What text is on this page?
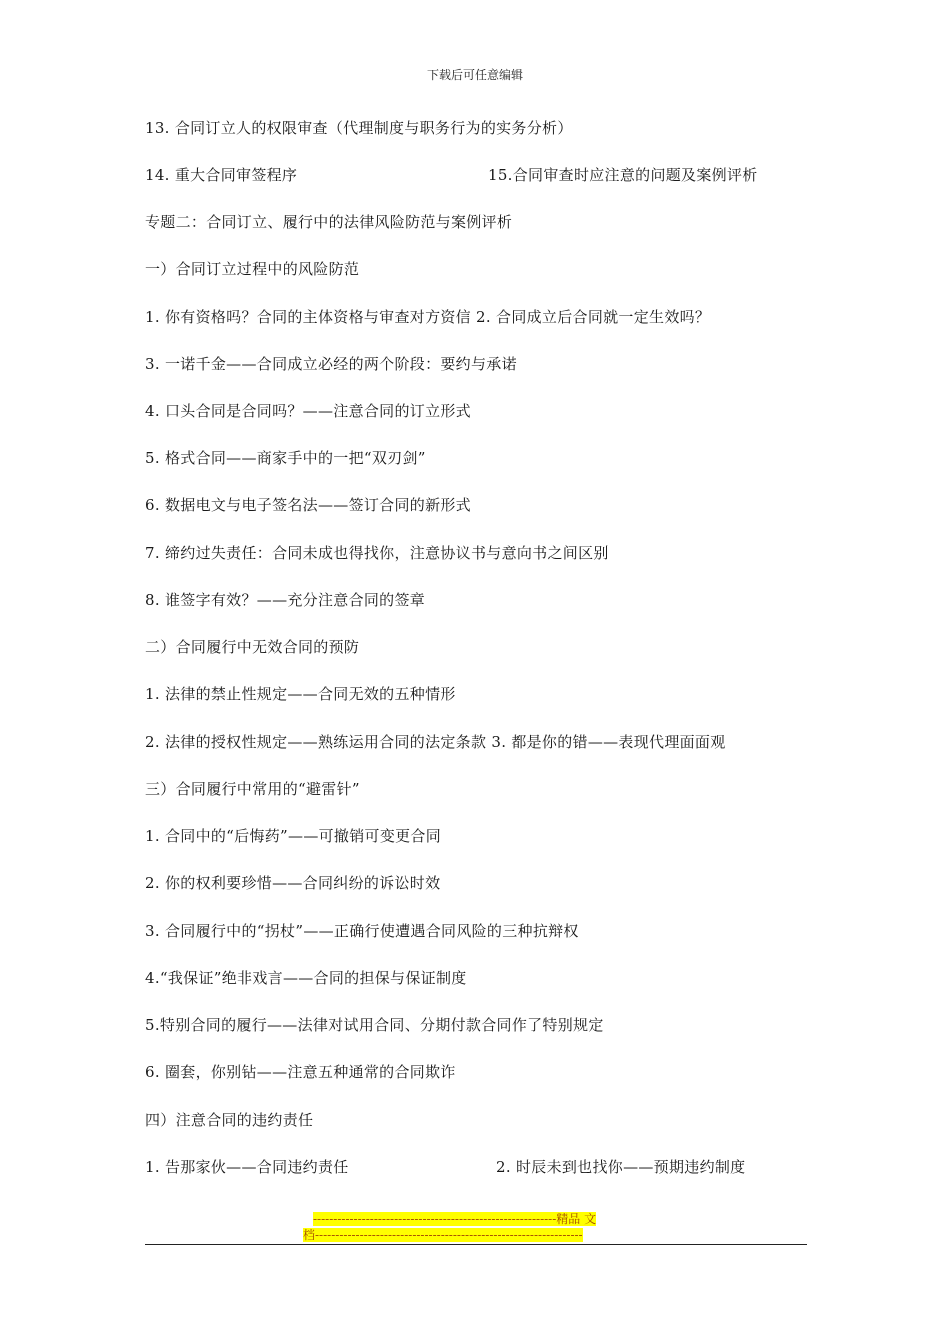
下载后可任意编辑
13. 合同订立人的权限审查（代理制度与职务行为的实务分析）
14. 重大合同审签程序	15.合同审查时应注意的问题及案例评析
专题二：合同订立、履行中的法律风险防范与案例评析
一）合同订立过程中的风险防范
1. 你有资格吗？合同的主体资格与审查对方资信 2. 合同成立后合同就一定生效吗？
3. 一诺千金——合同成立必经的两个阶段：要约与承诺
4. 口头合同是合同吗？——注意合同的订立形式
5. 格式合同——商家手中的一把“双刃剑”
6. 数据电文与电子签名法——签订合同的新形式
7. 缔约过失责任：合同未成也得找你，注意协议书与意向书之间区别
8. 谁签字有效？——充分注意合同的签章
二）合同履行中无效合同的预防
1. 法律的禁止性规定——合同无效的五种情形
2. 法律的授权性规定——熟练运用合同的法定条款 3. 都是你的错——表现代理面面观
三）合同履行中常用的“避雷针”
1. 合同中的“后悔药”——可撤销可变更合同
2. 你的权利要珍惜——合同纠纷的诉讼时效
3. 合同履行中的“拐杖”——正确行使遭遇合同风险的三种抗辩权
4.“我保证”绝非戏言——合同的担保与保证制度
5.特别合同的履行——法律对试用合同、分期付款合同作了特别规定
6. 圈套，你别钻——注意五种通常的合同欺诈
四）注意合同的违约责任
1. 告那家伙——合同违约责任	2. 时辰未到也找你——预期违约制度
------------------------------------------------------------精品 文
档------------------------------------------------------------------
